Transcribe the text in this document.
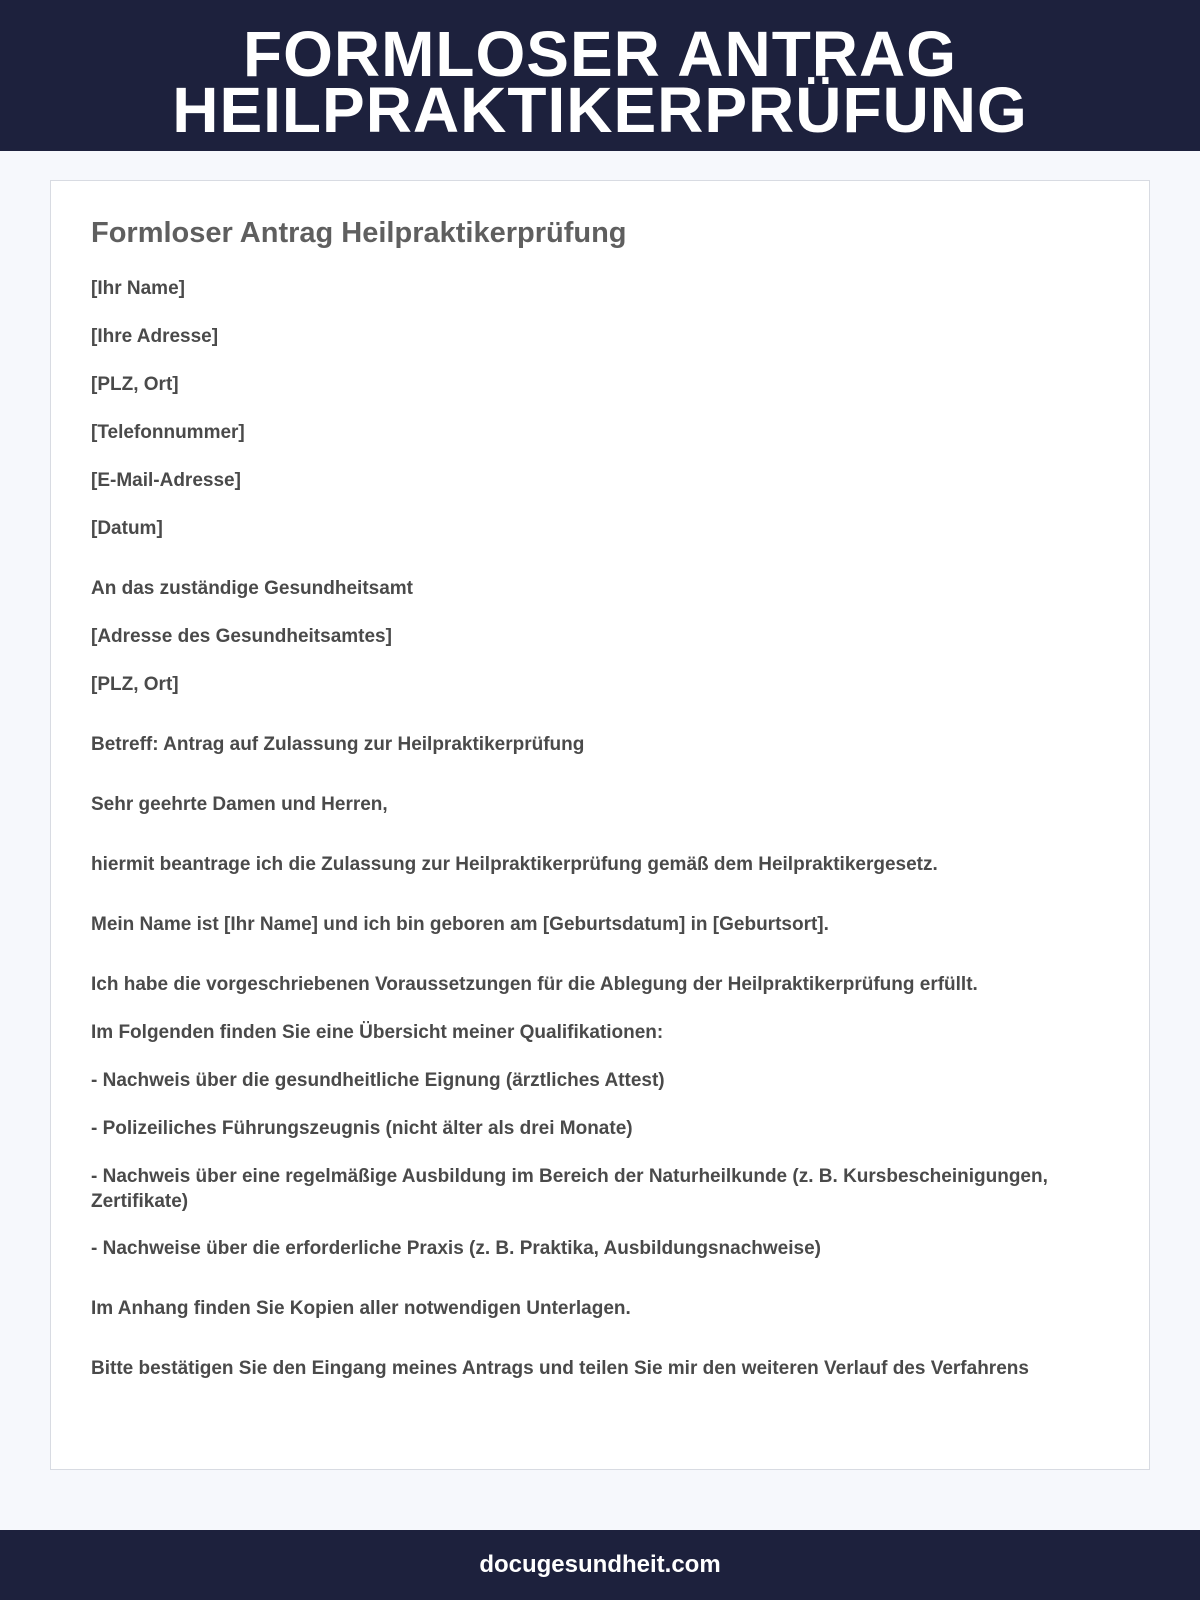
FORMLOSER ANTRAG
HEILPRAKTIKERPRÜFUNG
Formloser Antrag Heilpraktikerprüfung

[Ihr Name]

[Ihre Adresse]

[PLZ, Ort]

[Telefonnummer]

[E-Mail-Adresse]

[Datum]

An das zuständige Gesundheitsamt

[Adresse des Gesundheitsamtes]

[PLZ, Ort]

Betreff: Antrag auf Zulassung zur Heilpraktikerprüfung

Sehr geehrte Damen und Herren,

hiermit beantrage ich die Zulassung zur Heilpraktikerprüfung gemäß dem Heilpraktikergesetz.

Mein Name ist [Ihr Name] und ich bin geboren am [Geburtsdatum] in [Geburtsort].

Ich habe die vorgeschriebenen Voraussetzungen für die Ablegung der Heilpraktikerprüfung erfüllt.

Im Folgenden finden Sie eine Übersicht meiner Qualifikationen:

- Nachweis über die gesundheitliche Eignung (ärztliches Attest)

- Polizeiliches Führungszeugnis (nicht älter als drei Monate)

- Nachweis über eine regelmäßige Ausbildung im Bereich der Naturheilkunde (z. B. Kursbescheinigungen, Zertifikate)

- Nachweise über die erforderliche Praxis (z. B. Praktika, Ausbildungsnachweise)

Im Anhang finden Sie Kopien aller notwendigen Unterlagen.

Bitte bestätigen Sie den Eingang meines Antrags und teilen Sie mir den weiteren Verlauf des Verfahrens

docugesundheit.com
